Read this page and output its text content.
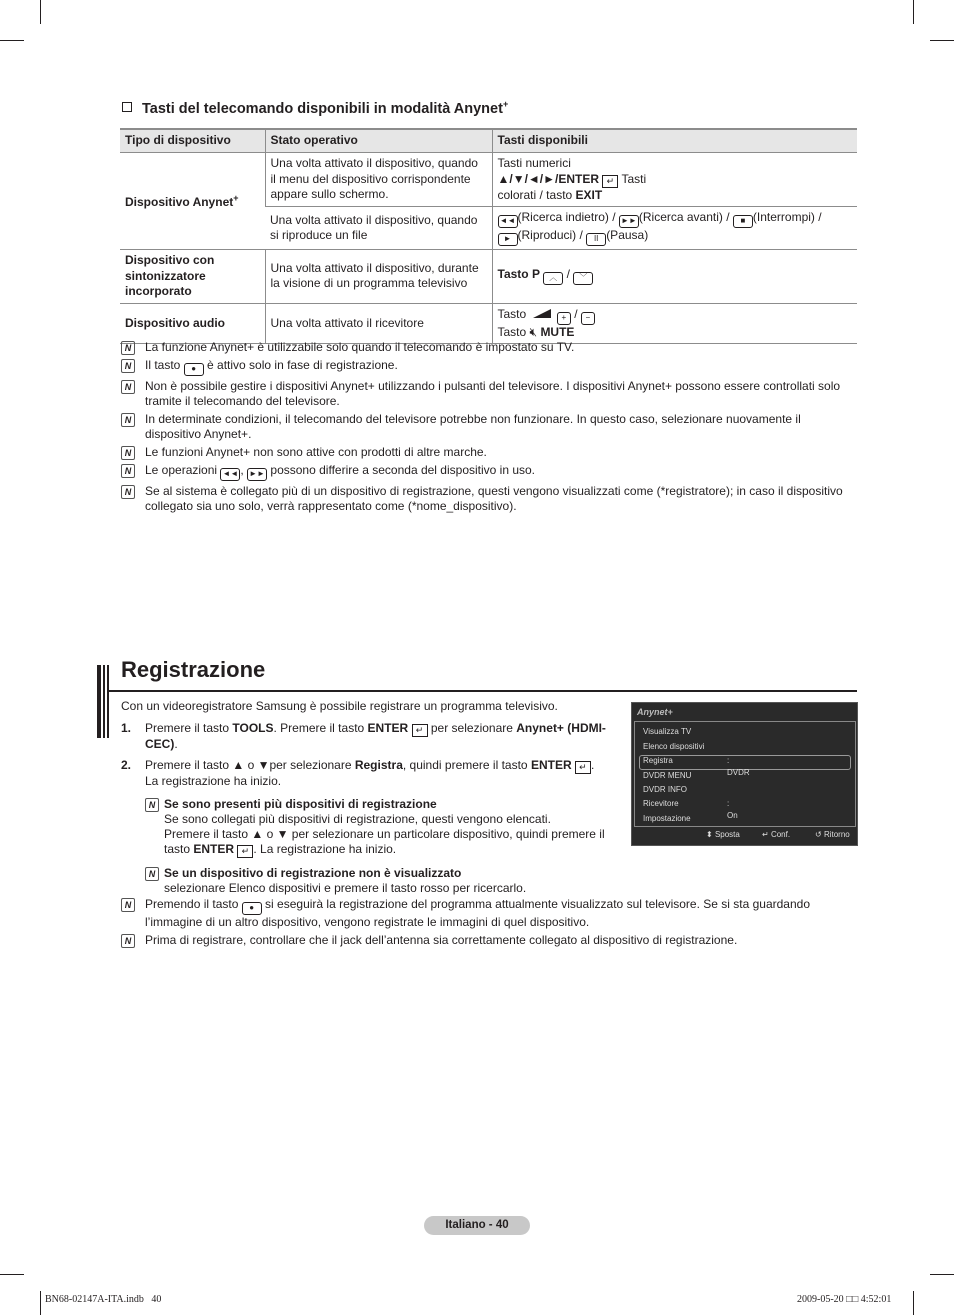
Tasti del telecomando disponibili in modalità Anynet+
Tipo di dispositivo	Stato operativo	Tasti disponibili
Dispositivo Anynet+	Una volta attivato il dispositivo, quando il menu del dispositivo corrispondente appare sullo schermo.	Tasti numerici
▲/▼/◄/►/ENTER ↵ Tasti
colorati / tasto EXIT

	Una volta attivato il dispositivo, quando si riproduce un file	◄◄ (Ricerca indietro) / ►► (Ricerca avanti) / ■ (Interrompi) /
► (Riproduci) / II (Pausa)
Dispositivo con sintonizzatore incorporato	Una volta attivato il dispositivo, durante la visione di un programma televisivo	Tasto P ︿ / ﹀
Dispositivo audio	Una volta attivato il ricevitore	Tasto + / −
Tasto 🔇︎ MUTE
N	La funzione Anynet+ è utilizzabile solo quando il telecomando è impostato su TV.
N	Il tasto ● è attivo solo in fase di registrazione.
N	Non è possibile gestire i dispositivi Anynet+ utilizzando i pulsanti del televisore. I dispositivi Anynet+ possono essere controllati solo tramite il telecomando del televisore.
N	In determinate condizioni, il telecomando del televisore potrebbe non funzionare. In questo caso, selezionare nuovamente il dispositivo Anynet+.
N	Le funzioni Anynet+ non sono attive con prodotti di altre marche.
N	Le operazioni ◄◄ , ►► possono differire a seconda del dispositivo in uso.
N	Se al sistema è collegato più di un dispositivo di registrazione, questi vengono visualizzati come (*registratore); in caso il dispositivo collegato sia uno solo, verrà rappresentato come (*nome_dispositivo).
Registrazione
Con un videoregistratore Samsung è possibile registrare un programma televisivo.
1. Premere il tasto TOOLS. Premere il tasto ENTER ↵ per selezionare Anynet+ (HDMI-CEC).
2. Premere il tasto ▲ o ▼per selezionare Registra, quindi premere il tasto ENTER ↵ .
La registrazione ha inizio.
N Se sono presenti più dispositivi di registrazione
Se sono collegati più dispositivi di registrazione, questi vengono elencati.
Premere il tasto ▲ o ▼ per selezionare un particolare dispositivo, quindi premere il tasto ENTER ↵ . La registrazione ha inizio.
N Se un dispositivo di registrazione non è visualizzato
selezionare Elenco dispositivi e premere il tasto rosso per ricercarlo.
N	Premendo il tasto ● si eseguirà la registrazione del programma attualmente visualizzato sul televisore. Se si sta guardando l’immagine di un altro dispositivo, vengono registrate le immagini di quel dispositivo.
N	Prima di registrare, controllare che il jack dell’antenna sia correttamente collegato al dispositivo di registrazione.
Anynet+
Visualizza TV
Elenco dispositivi
Registra	: DVDR
DVDR MENU
DVDR INFO
Ricevitore	: On
Impostazione
⬍ Sposta	↵ Conf.	↺ Ritorno
Italiano - 40
BN68-02147A-ITA.indb   40	2009-05-20 □□ 4:52:01
